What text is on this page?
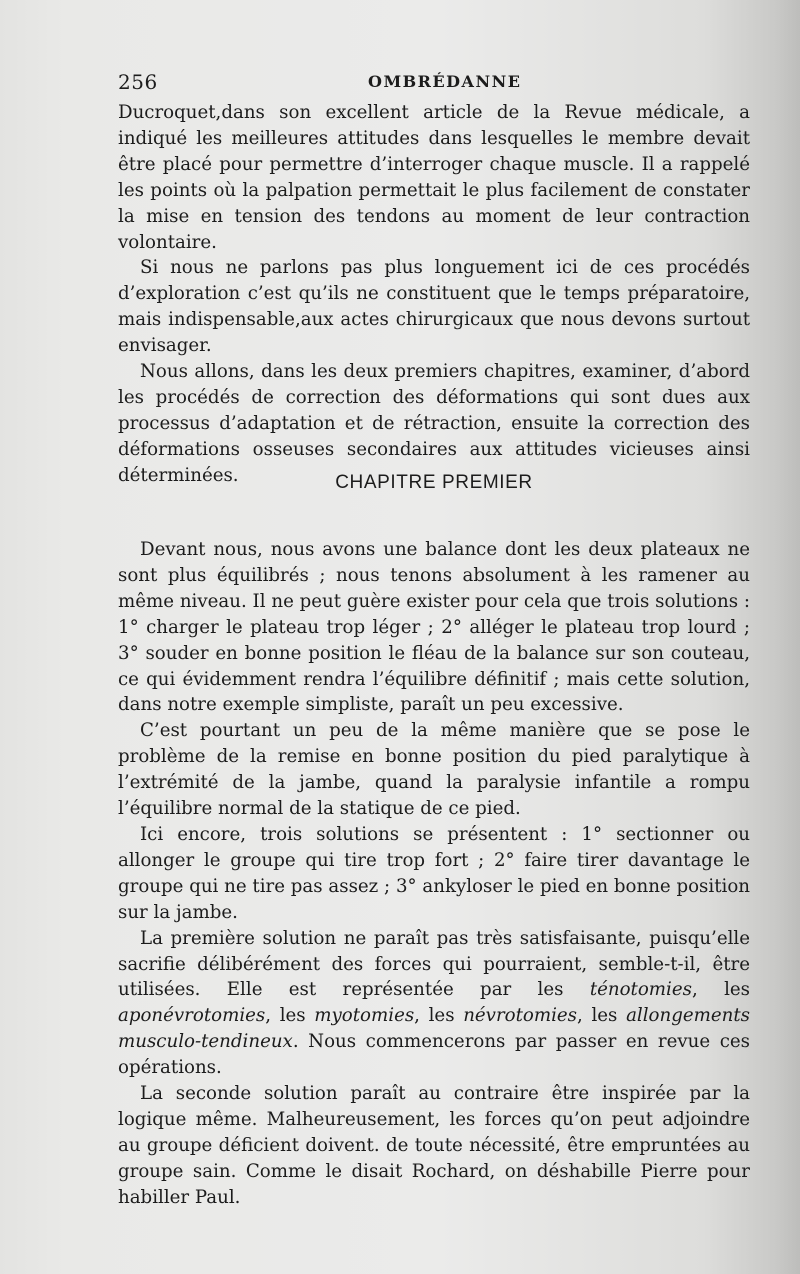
256	OMBRÉDANNE

Ducroquet,dans son excellent article de la Revue médicale, a indiqué les meilleures attitudes dans lesquelles le membre devait être placé pour permettre d’interroger chaque muscle. Il a rappelé les points où la palpation permettait le plus facilement de constater la mise en tension des tendons au moment de leur contraction volontaire.

Si nous ne parlons pas plus longuement ici de ces procédés d’exploration c’est qu’ils ne constituent que le temps préparatoire, mais indispensable,aux actes chirurgicaux que nous devons surtout envisager.

Nous allons, dans les deux premiers chapitres, examiner, d’abord les procédés de correction des déformations qui sont dues aux processus d’adaptation et de rétraction, ensuite la correction des déformations osseuses secondaires aux attitudes vicieuses ainsi déterminées.	CHAPITRE PREMIER

Devant nous, nous avons une balance dont les deux plateaux ne sont plus équilibrés ; nous tenons absolument à les ramener au même niveau. Il ne peut guère exister pour cela que trois solutions : 1° charger le plateau trop léger ; 2° alléger le plateau trop lourd ; 3° souder en bonne position le fléau de la balance sur son couteau, ce qui évidemment rendra l’équilibre définitif ; mais cette solution, dans notre exemple simpliste, paraît un peu excessive.

C’est pourtant un peu de la même manière que se pose le problème de la remise en bonne position du pied paralytique à l’extrémité de la jambe, quand la paralysie infantile a rompu l’équilibre normal de la statique de ce pied.

Ici encore, trois solutions se présentent : 1° sectionner ou allonger le groupe qui tire trop fort ; 2° faire tirer davantage le groupe qui ne tire pas assez ; 3° ankyloser le pied en bonne position sur la jambe.

La première solution ne paraît pas très satisfaisante, puisqu’elle sacrifie délibérément des forces qui pourraient, semble-t-il, être utilisées. Elle est représentée par les ténotomies, les aponévrotomies, les myotomies, les névrotomies, les allongements musculo-tendineux. Nous commencerons par passer en revue ces opérations.

La seconde solution paraît au contraire être inspirée par la logique même. Malheureusement, les forces qu’on peut adjoindre au groupe déficient doivent. de toute nécessité, être empruntées au groupe sain. Comme le disait Rochard, on déshabille Pierre pour habiller Paul.
